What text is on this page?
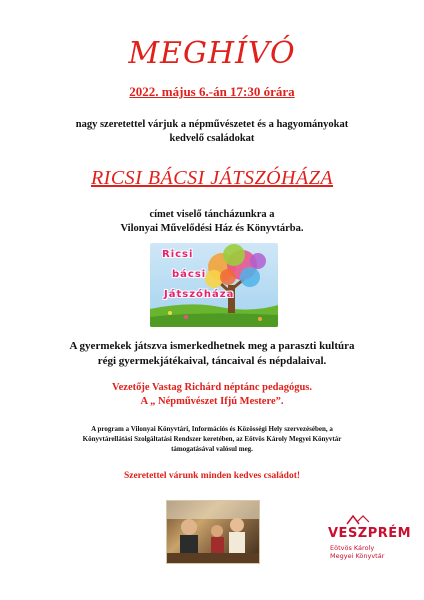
MEGHÍVÓ
2022. május 6.-án 17:30 órára
nagy szeretettel várjuk a népművészetet és a hagyományokat
kedvelő családokat
RICSI BÁCSI JÁTSZÓHÁZA
címet viselő táncházunkra a
Vilonyai Művelődési Ház és Könyvtárba.
Ricsi
bácsi
Játszóháza
A gyermekek játszva ismerkedhetnek meg a paraszti kultúra
régi gyermekjátékaival, táncaival és népdalaival.
Vezetője Vastag Richárd néptánc pedagógus.
A „ Népművészet Ifjú Mestere”.
A program a Vilonyai Könyvtári, Információs és Közösségi Hely szervezésében, a
Könyvtárellátási Szolgáltatási Rendszer keretében, az Eötvös Károly Megyei Könyvtár
támogatásával valósul meg.
Szeretettel várunk minden kedves családot!
VESZPRÉM
Eötvös Károly
Megyei Könyvtár
